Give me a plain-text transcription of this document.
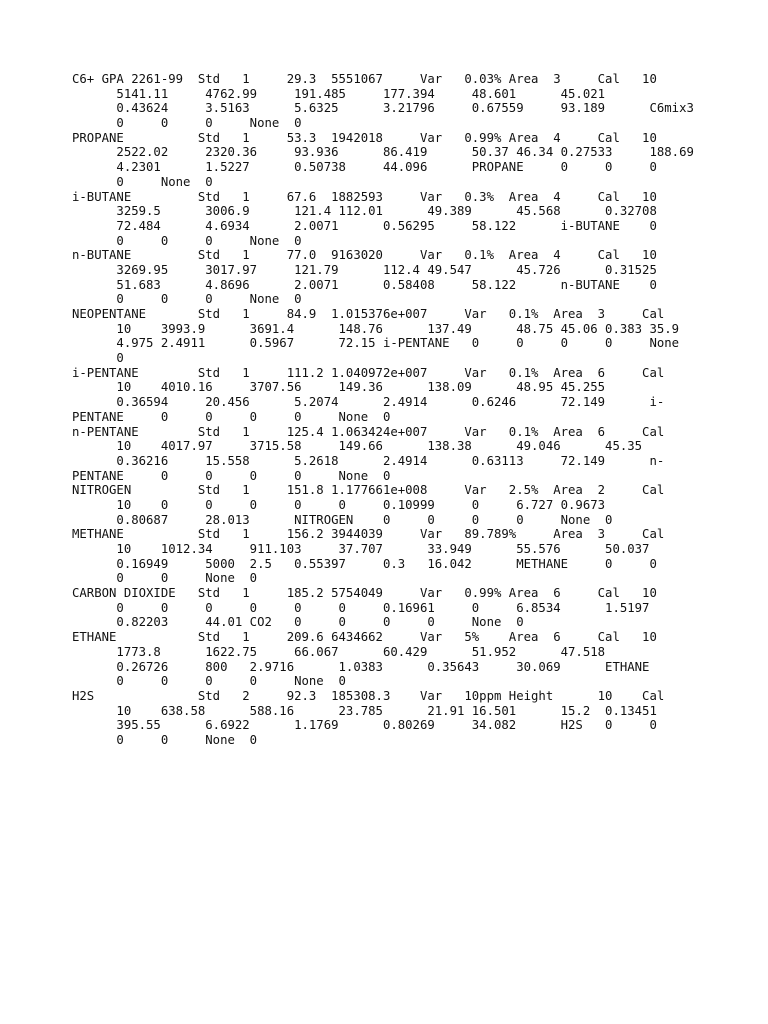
C6+ GPA 2261-99  Std   1     29.3  5551067     Var   0.03% Area  3     Cal   10
5141.11     4762.99     191.485     177.394     48.601      45.021
0.43624     3.5163      5.6325      3.21796     0.67559     93.189      C6mix3
0     0     0     None  0
PROPANE          Std   1     53.3  1942018     Var   0.99% Area  4     Cal   10
2522.02     2320.36     93.936      86.419      50.37 46.34 0.27533     188.69
4.2301      1.5227      0.50738     44.096      PROPANE     0     0     0
0     None  0
i-BUTANE         Std   1     67.6  1882593     Var   0.3%  Area  4     Cal   10
3259.5      3006.9      121.4 112.01      49.389      45.568      0.32708
72.484      4.6934      2.0071      0.56295     58.122      i-BUTANE    0
0     0     0     None  0
n-BUTANE         Std   1     77.0  9163020     Var   0.1%  Area  4     Cal   10
3269.95     3017.97     121.79      112.4 49.547      45.726      0.31525
51.683      4.8696      2.0071      0.58408     58.122      n-BUTANE    0
0     0     0     None  0
NEOPENTANE       Std   1     84.9  1.015376e+007     Var   0.1%  Area  3     Cal
10    3993.9      3691.4      148.76      137.49      48.75 45.06 0.383 35.9
4.975 2.4911      0.5967      72.15 i-PENTANE   0     0     0     0     None
0
i-PENTANE        Std   1     111.2 1.040972e+007     Var   0.1%  Area  6     Cal
10    4010.16     3707.56     149.36      138.09      48.95 45.255
0.36594     20.456      5.2074      2.4914      0.6246      72.149      i-
PENTANE     0     0     0     0     None  0
n-PENTANE        Std   1     125.4 1.063424e+007     Var   0.1%  Area  6     Cal
10    4017.97     3715.58     149.66      138.38      49.046      45.35
0.36216     15.558      5.2618      2.4914      0.63113     72.149      n-
PENTANE     0     0     0     0     None  0
NITROGEN         Std   1     151.8 1.177661e+008     Var   2.5%  Area  2     Cal
10    0     0     0     0     0     0.10999     0     6.727 0.9673
0.80687     28.013      NITROGEN    0     0     0     0     None  0
METHANE          Std   1     156.2 3944039     Var   89.789%     Area  3     Cal
10    1012.34     911.103     37.707      33.949      55.576      50.037
0.16949     5000  2.5   0.55397     0.3   16.042      METHANE     0     0
0     0     None  0
CARBON DIOXIDE   Std   1     185.2 5754049     Var   0.99% Area  6     Cal   10
0     0     0     0     0     0     0.16961     0     6.8534      1.5197
0.82203     44.01 CO2   0     0     0     0     None  0
ETHANE           Std   1     209.6 6434662     Var   5%    Area  6     Cal   10
1773.8      1622.75     66.067      60.429      51.952      47.518
0.26726     800   2.9716      1.0383      0.35643     30.069      ETHANE
0     0     0     0     None  0
H2S              Std   2     92.3  185308.3    Var   10ppm Height      10    Cal
10    638.58      588.16      23.785      21.91 16.501      15.2  0.13451
395.55      6.6922      1.1769      0.80269     34.082      H2S   0     0
0     0     None  0
